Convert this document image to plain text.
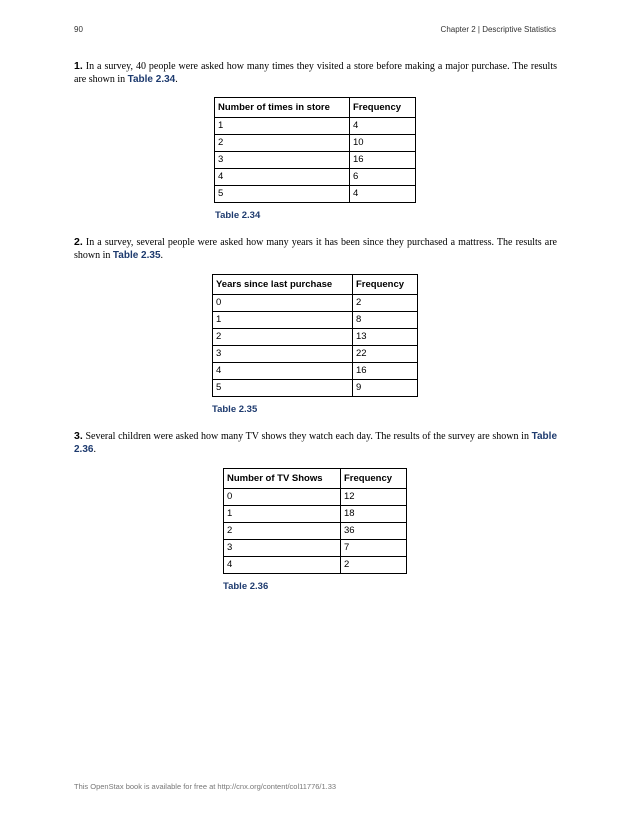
90	Chapter 2 | Descriptive Statistics
1. In a survey, 40 people were asked how many times they visited a store before making a major purchase. The results are shown in Table 2.34.
Number of times in store	Frequency
1	4
2	10
3	16
4	6
5	4
Table 2.34
2. In a survey, several people were asked how many years it has been since they purchased a mattress. The results are shown in Table 2.35.
Years since last purchase	Frequency
0	2
1	8
2	13
3	22
4	16
5	9
Table 2.35
3. Several children were asked how many TV shows they watch each day. The results of the survey are shown in Table 2.36.
Number of TV Shows	Frequency
0	12
1	18
2	36
3	7
4	2
Table 2.36
This OpenStax book is available for free at http://cnx.org/content/col11776/1.33
